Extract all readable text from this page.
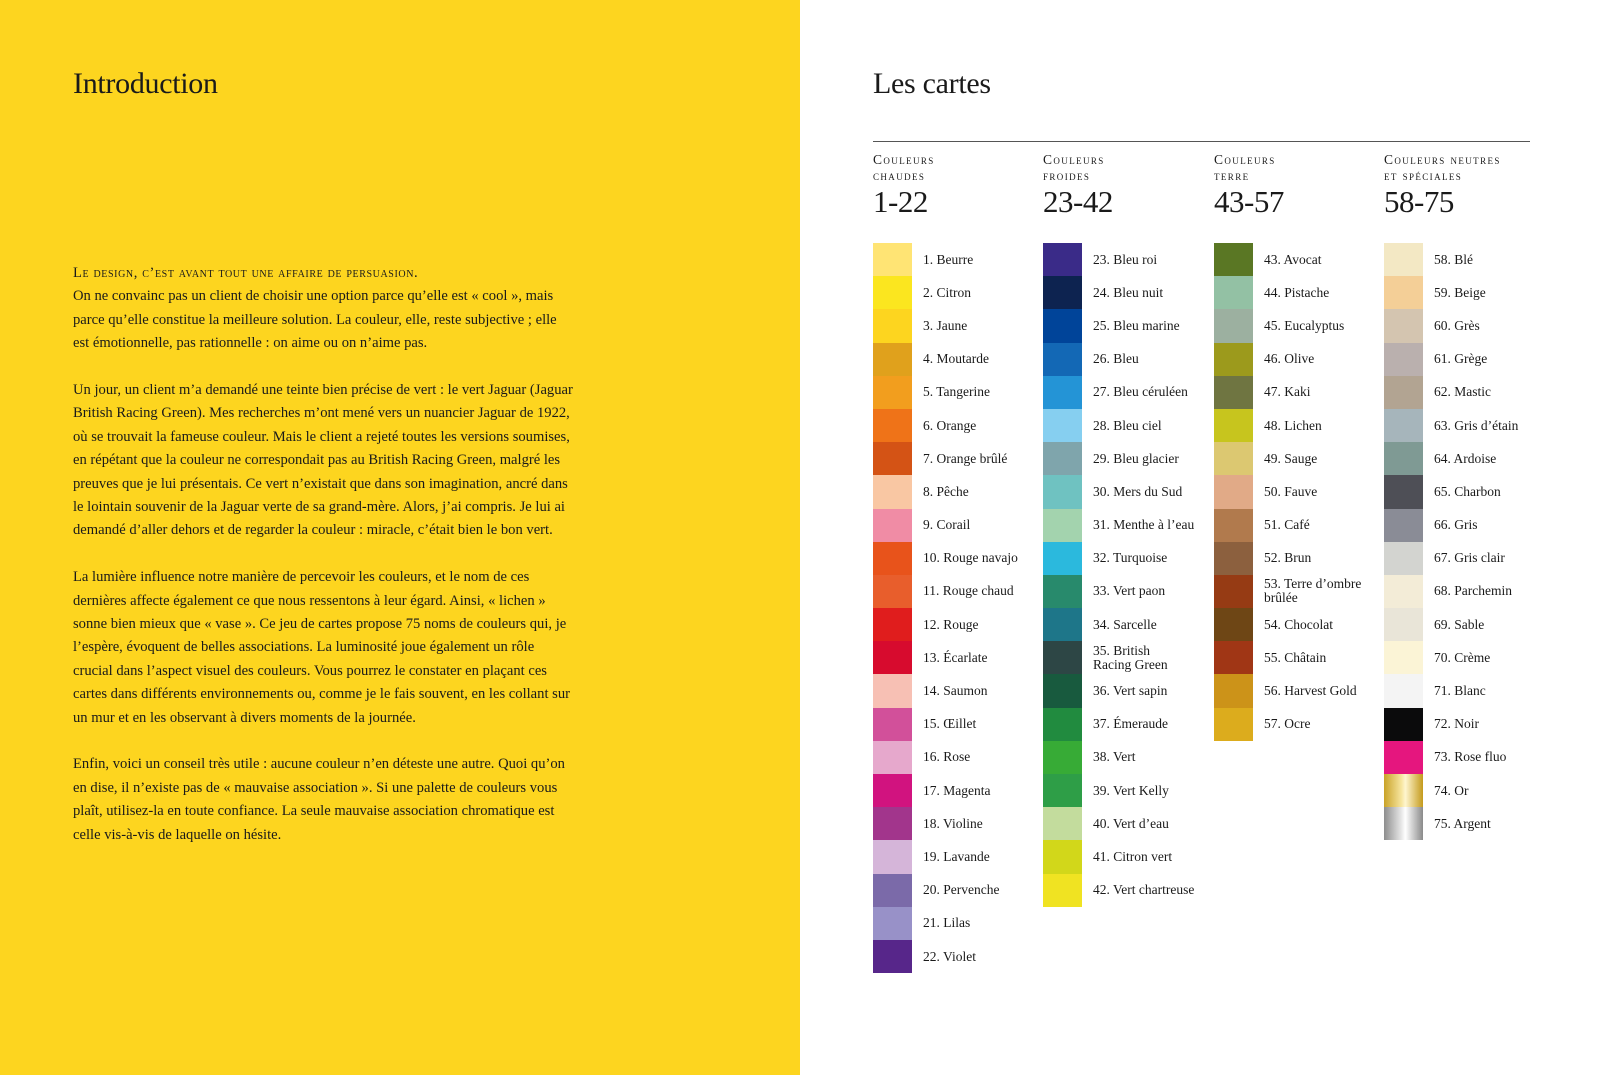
Introduction

Le design, c’est avant tout une affaire de persuasion.
On ne convainc pas un client de choisir une option parce qu’elle est « cool », mais parce qu’elle constitue la meilleure solution. La couleur, elle, reste subjective ; elle est émotionnelle, pas rationnelle : on aime ou on n’aime pas.

Un jour, un client m’a demandé une teinte bien précise de vert : le vert Jaguar (Jaguar British Racing Green). Mes recherches m’ont mené vers un nuancier Jaguar de 1922, où se trouvait la fameuse couleur. Mais le client a rejeté toutes les versions soumises, en répétant que la couleur ne correspondait pas au British Racing Green, malgré les preuves que je lui présentais. Ce vert n’existait que dans son imagination, ancré dans le lointain souvenir de la Jaguar verte de sa grand-mère. Alors, j’ai compris. Je lui ai demandé d’aller dehors et de regarder la couleur : miracle, c’était bien le bon vert.

La lumière influence notre manière de percevoir les couleurs, et le nom de ces dernières affecte également ce que nous ressentons à leur égard. Ainsi, « lichen » sonne bien mieux que « vase ». Ce jeu de cartes propose 75 noms de couleurs qui, je l’espère, évoquent de belles associations. La luminosité joue également un rôle crucial dans l’aspect visuel des couleurs. Vous pourrez le constater en plaçant ces cartes dans différents environnements ou, comme je le fais souvent, en les collant sur un mur et en les observant à divers moments de la journée.

Enfin, voici un conseil très utile : aucune couleur n’en déteste une autre. Quoi qu’on en dise, il n’existe pas de « mauvaise association ». Si une palette de couleurs vous plaît, utilisez-la en toute confiance. La seule mauvaise association chromatique est celle vis-à-vis de laquelle on hésite.

Les cartes
Couleurs
chaudes
1-22
Couleurs
froides
23-42
Couleurs
terre
43-57
Couleurs neutres
et spéciales
58-75
1. Beurre
2. Citron
3. Jaune
4. Moutarde
5. Tangerine
6. Orange
7. Orange brûlé
8. Pêche
9. Corail
10. Rouge navajo
11. Rouge chaud
12. Rouge
13. Écarlate
14. Saumon
15. Œillet
16. Rose
17. Magenta
18. Violine
19. Lavande
20. Pervenche
21. Lilas
22. Violet
23. Bleu roi
24. Bleu nuit
25. Bleu marine
26. Bleu
27. Bleu céruléen
28. Bleu ciel
29. Bleu glacier
30. Mers du Sud
31. Menthe à l’eau
32. Turquoise
33. Vert paon
34. Sarcelle
35. British
Racing Green
36. Vert sapin
37. Émeraude
38. Vert
39. Vert Kelly
40. Vert d’eau
41. Citron vert
42. Vert chartreuse
43. Avocat
44. Pistache
45. Eucalyptus
46. Olive
47. Kaki
48. Lichen
49. Sauge
50. Fauve
51. Café
52. Brun
53. Terre d’ombre
brûlée
54. Chocolat
55. Châtain
56. Harvest Gold
57. Ocre
58. Blé
59. Beige
60. Grès
61. Grège
62. Mastic
63. Gris d’étain
64. Ardoise
65. Charbon
66. Gris
67. Gris clair
68. Parchemin
69. Sable
70. Crème
71. Blanc
72. Noir
73. Rose fluo
74. Or
75. Argent
